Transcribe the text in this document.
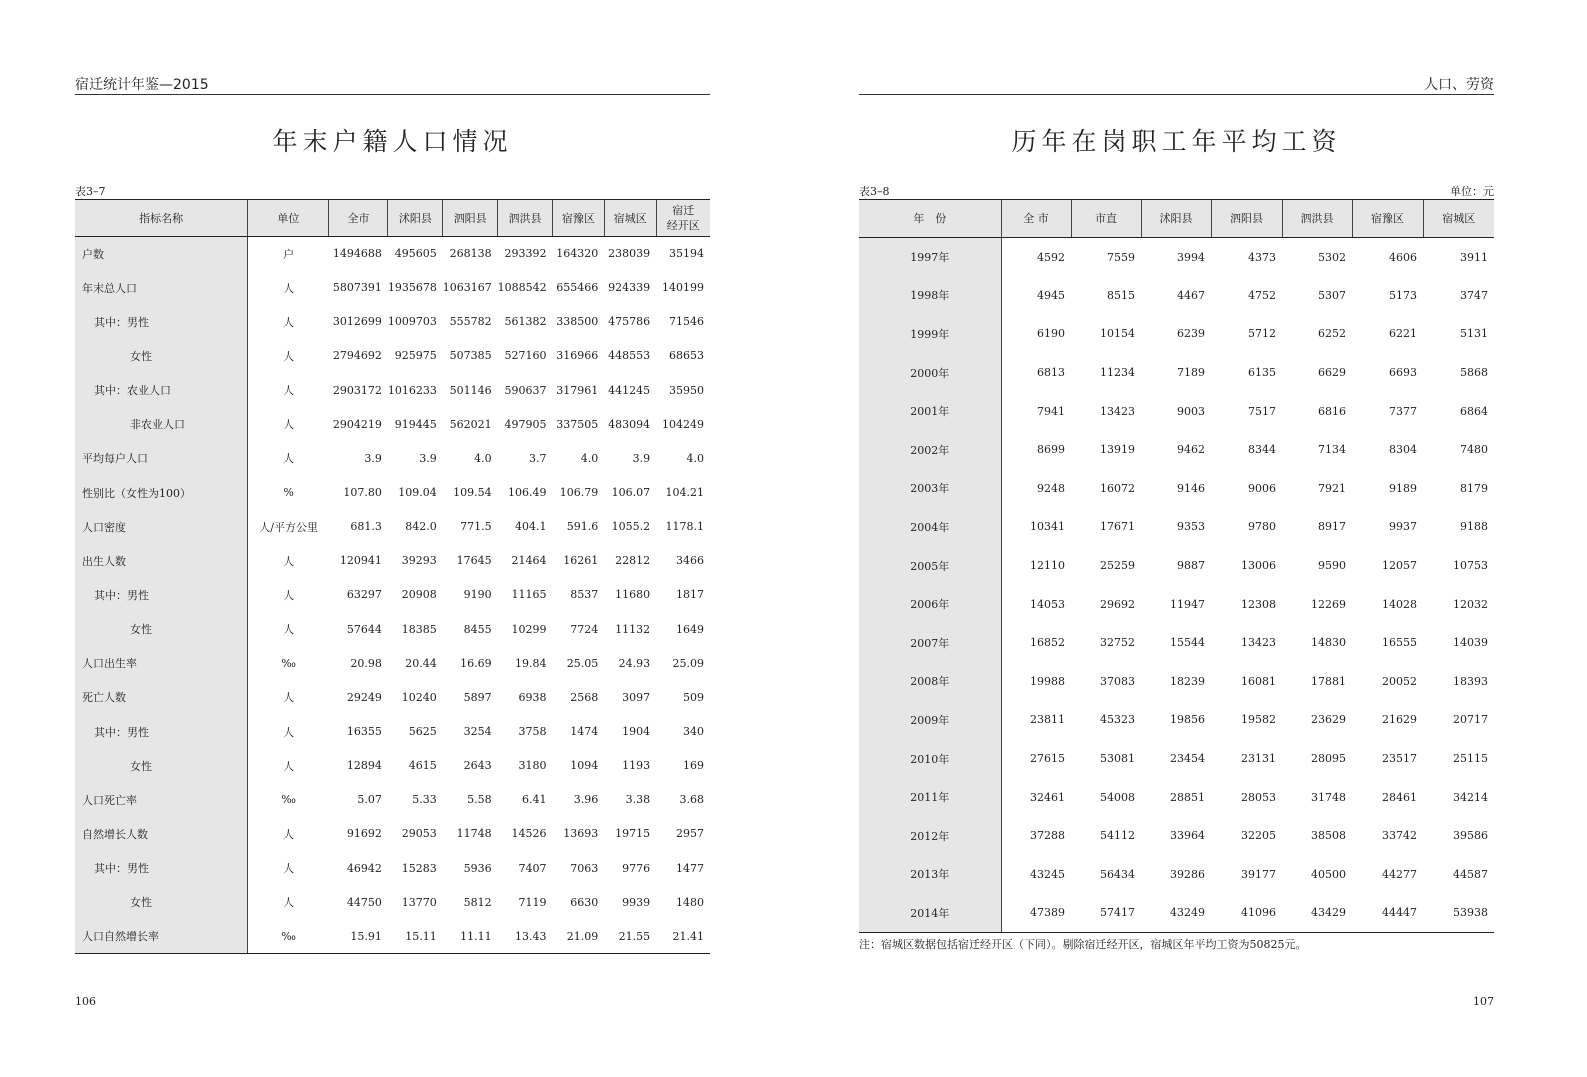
宿迁统计年鉴—2015
年末户籍人口情况
表3–7
指标名称	单位	全市	沭阳县	泗阳县	泗洪县	宿豫区	宿城区	宿迁
经开区
户数	户	1494688	495605	268138	293392	164320	238039	35194
年末总人口	人	5807391	1935678	1063167	1088542	655466	924339	140199
其中：男性	人	3012699	1009703	555782	561382	338500	475786	71546
女性	人	2794692	925975	507385	527160	316966	448553	68653
其中：农业人口	人	2903172	1016233	501146	590637	317961	441245	35950
非农业人口	人	2904219	919445	562021	497905	337505	483094	104249
平均每户人口	人	3.9	3.9	4.0	3.7	4.0	3.9	4.0
性别比（女性为100）	%	107.80	109.04	109.54	106.49	106.79	106.07	104.21
人口密度	人/平方公里	681.3	842.0	771.5	404.1	591.6	1055.2	1178.1
出生人数	人	120941	39293	17645	21464	16261	22812	3466
其中：男性	人	63297	20908	9190	11165	8537	11680	1817
女性	人	57644	18385	8455	10299	7724	11132	1649
人口出生率	‰	20.98	20.44	16.69	19.84	25.05	24.93	25.09
死亡人数	人	29249	10240	5897	6938	2568	3097	509
其中：男性	人	16355	5625	3254	3758	1474	1904	340
女性	人	12894	4615	2643	3180	1094	1193	169
人口死亡率	‰	5.07	5.33	5.58	6.41	3.96	3.38	3.68
自然增长人数	人	91692	29053	11748	14526	13693	19715	2957
其中：男性	人	46942	15283	5936	7407	7063	9776	1477
女性	人	44750	13770	5812	7119	6630	9939	1480
人口自然增长率	‰	15.91	15.11	11.11	13.43	21.09	21.55	21.41
106
人口、劳资
历年在岗职工年平均工资
表3–8	单位：元
年　份	全 市	市直	沭阳县	泗阳县	泗洪县	宿豫区	宿城区
1997年	4592	7559	3994	4373	5302	4606	3911
1998年	4945	8515	4467	4752	5307	5173	3747
1999年	6190	10154	6239	5712	6252	6221	5131
2000年	6813	11234	7189	6135	6629	6693	5868
2001年	7941	13423	9003	7517	6816	7377	6864
2002年	8699	13919	9462	8344	7134	8304	7480
2003年	9248	16072	9146	9006	7921	9189	8179
2004年	10341	17671	9353	9780	8917	9937	9188
2005年	12110	25259	9887	13006	9590	12057	10753
2006年	14053	29692	11947	12308	12269	14028	12032
2007年	16852	32752	15544	13423	14830	16555	14039
2008年	19988	37083	18239	16081	17881	20052	18393
2009年	23811	45323	19856	19582	23629	21629	20717
2010年	27615	53081	23454	23131	28095	23517	25115
2011年	32461	54008	28851	28053	31748	28461	34214
2012年	37288	54112	33964	32205	38508	33742	39586
2013年	43245	56434	39286	39177	40500	44277	44587
2014年	47389	57417	43249	41096	43429	44447	53938
注：宿城区数据包括宿迁经开区（下同）。剔除宿迁经开区，宿城区年平均工资为50825元。
107
